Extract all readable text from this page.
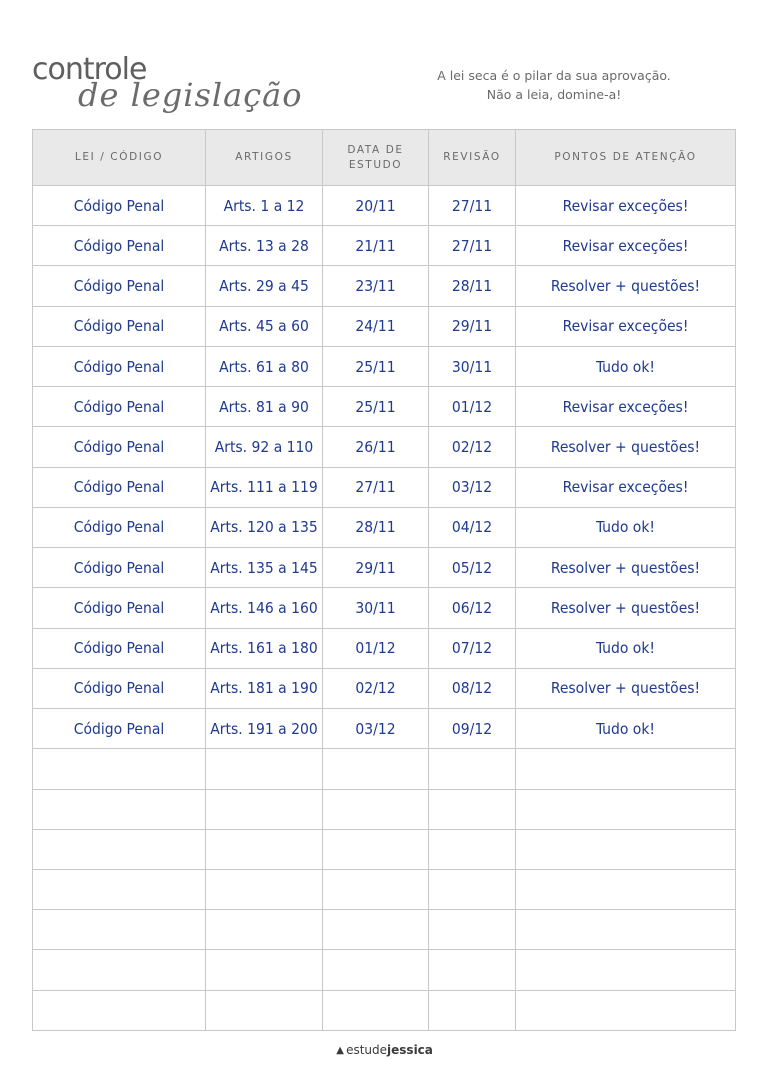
controle
de legislação
A lei seca é o pilar da sua aprovação.
Não a leia, domine-a!
LEI / CÓDIGO	ARTIGOS	DATA DE ESTUDO	REVISÃO	PONTOS DE ATENÇÃO
Código Penal	Arts. 1 a 12	20/11	27/11	Revisar exceções!
Código Penal	Arts. 13 a 28	21/11	27/11	Revisar exceções!
Código Penal	Arts. 29 a 45	23/11	28/11	Resolver + questões!
Código Penal	Arts. 45 a 60	24/11	29/11	Revisar exceções!
Código Penal	Arts. 61 a 80	25/11	30/11	Tudo ok!
Código Penal	Arts. 81 a 90	25/11	01/12	Revisar exceções!
Código Penal	Arts. 92 a 110	26/11	02/12	Resolver + questões!
Código Penal	Arts. 111 a 119	27/11	03/12	Revisar exceções!
Código Penal	Arts. 120 a 135	28/11	04/12	Tudo ok!
Código Penal	Arts. 135 a 145	29/11	05/12	Resolver + questões!
Código Penal	Arts. 146 a 160	30/11	06/12	Resolver + questões!
Código Penal	Arts. 161 a 180	01/12	07/12	Tudo ok!
Código Penal	Arts. 181 a 190	02/12	08/12	Resolver + questões!
Código Penal	Arts. 191 a 200	03/12	09/12	Tudo ok!

▲ estudejessica
